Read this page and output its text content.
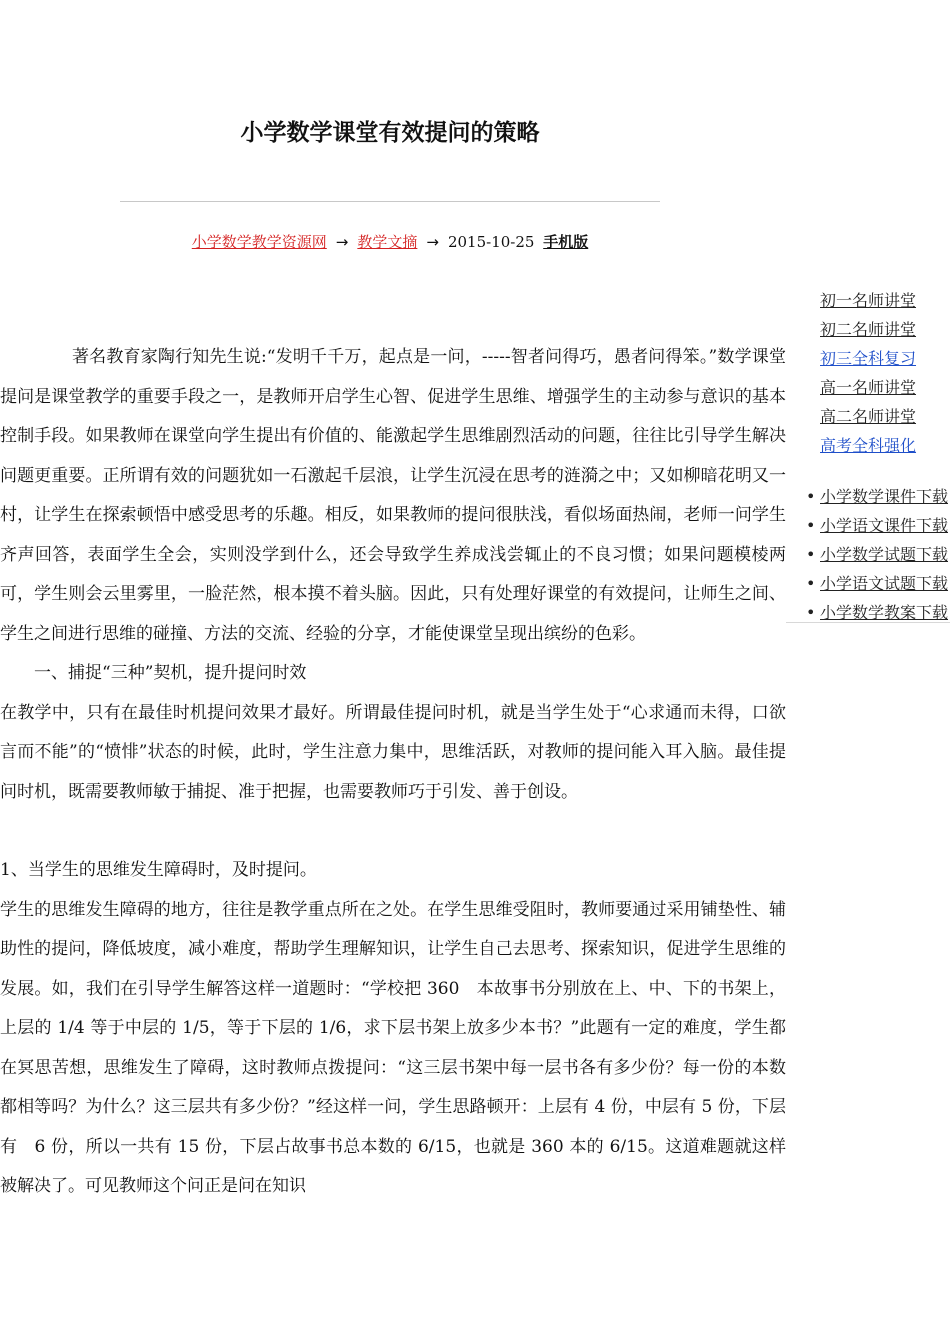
小学数学课堂有效提问的策略
小学数学教学资源网 → 教学文摘 → 2015-10-25 手机版
初一名师讲堂
初二名师讲堂
初三全科复习
高一名师讲堂
高二名师讲堂
高考全科强化
• 小学数学课件下载
• 小学语文课件下载
• 小学数学试题下载
• 小学语文试题下载
• 小学数学教案下载

著名教育家陶行知先生说:“发明千千万，起点是一问，-----智者问得巧，愚者问得笨。”数学课堂提问是课堂教学的重要手段之一，是教师开启学生心智、促进学生思维、增强学生的主动参与意识的基本控制手段。如果教师在课堂向学生提出有价值的、能激起学生思维剧烈活动的问题，往往比引导学生解决问题更重要。正所谓有效的问题犹如一石激起千层浪，让学生沉浸在思考的涟漪之中；又如柳暗花明又一村，让学生在探索顿悟中感受思考的乐趣。相反，如果教师的提问很肤浅，看似场面热闹，老师一问学生齐声回答，表面学生全会，实则没学到什么，还会导致学生养成浅尝辄止的不良习惯；如果问题模棱两可，学生则会云里雾里，一脸茫然，根本摸不着头脑。因此，只有处理好课堂的有效提问，让师生之间、学生之间进行思维的碰撞、方法的交流、经验的分享，才能使课堂呈现出缤纷的色彩。

一、捕捉“三种”契机，提升提问时效

在教学中，只有在最佳时机提问效果才最好。所谓最佳提问时机，就是当学生处于“心求通而未得，口欲言而不能”的“愤悱”状态的时候，此时，学生注意力集中，思维活跃，对教师的提问能入耳入脑。最佳提问时机，既需要教师敏于捕捉、准于把握，也需要教师巧于引发、善于创设。

1、当学生的思维发生障碍时，及时提问。

学生的思维发生障碍的地方，往往是教学重点所在之处。在学生思维受阻时，教师要通过采用铺垫性、辅助性的提问，降低坡度，减小难度，帮助学生理解知识，让学生自己去思考、探索知识，促进学生思维的发展。如，我们在引导学生解答这样一道题时：“学校把 360　本故事书分别放在上、中、下的书架上，上层的 1/4 等于中层的 1/5，等于下层的 1/6，求下层书架上放多少本书？”此题有一定的难度，学生都在冥思苦想，思维发生了障碍，这时教师点拨提问：“这三层书架中每一层书各有多少份？每一份的本数都相等吗？为什么？这三层共有多少份？”经这样一问，学生思路顿开：上层有 4 份，中层有 5 份，下层有　6 份，所以一共有 15 份，下层占故事书总本数的 6/15，也就是 360 本的 6/15。这道难题就这样被解决了。可见教师这个问正是问在知识
